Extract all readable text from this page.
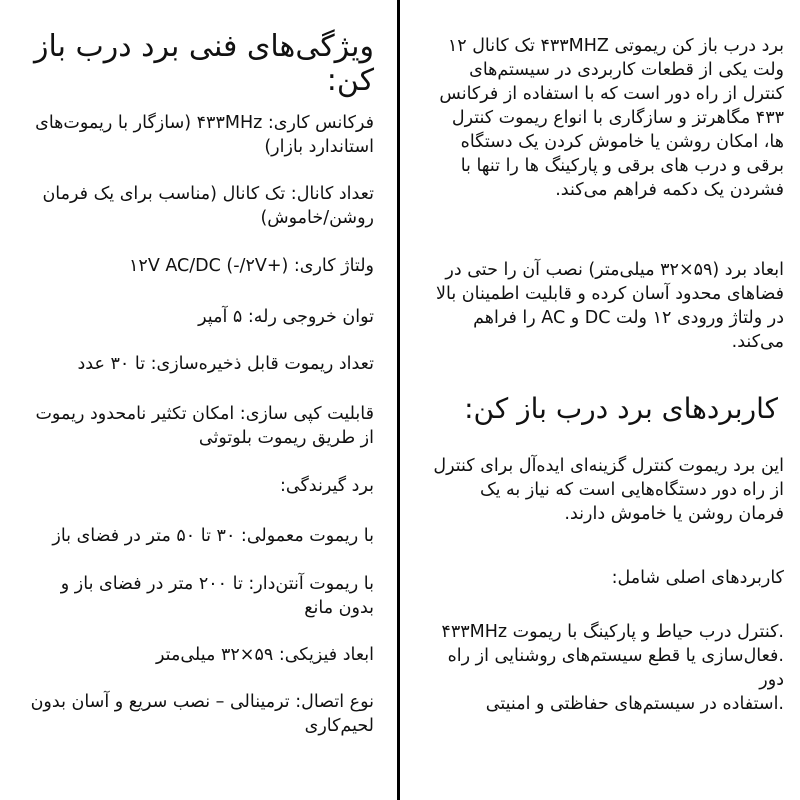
برد درب باز کن ریموتی ۴۳۳MHZ تک کانال ۱۲ ولت یکی از قطعات کاربردی در سیستم‌های کنترل از راه دور است که با استفاده از فرکانس ۴۳۳ مگاهرتز و سازگاری با انواع ریموت کنترل ها، امکان روشن یا خاموش کردن یک دستگاه برقی و درب های برقی و پارکینگ ها را تنها با فشردن یک دکمه فراهم می‌کند.

ابعاد برد (۵۹×۳۲ میلی‌متر) نصب آن را حتی در فضاهای محدود آسان کرده و قابلیت اطمینان بالا در ولتاژ ورودی ۱۲ ولت DC و AC را فراهم می‌کند.

کاربردهای برد درب باز کن:

این برد ریموت کنترل گزینه‌ای ایده‌آل برای کنترل از راه دور دستگاه‌هایی است که نیاز به یک فرمان روشن یا خاموش دارند.

کاربردهای اصلی شامل:

.کنترل درب حیاط و پارکینگ با ریموت ۴۳۳MHz
.فعال‌سازی یا قطع سیستم‌های روشنایی از راه دور
.استفاده در سیستم‌های حفاظتی و امنیتی
ویژگی‌های فنی برد درب باز کن:

فرکانس کاری: ۴۳۳MHz (سازگار با ریموت‌های استاندارد بازار)

تعداد کانال: تک کانال (مناسب برای یک فرمان روشن/خاموش)

ولتاژ کاری: (+۲V/-) ۱۲V AC/DC

توان خروجی رله: ۵ آمپر

تعداد ریموت قابل ذخیره‌سازی: تا ۳۰ عدد

قابلیت کپی سازی: امکان تکثیر نامحدود ریموت از طریق ریموت بلوتوثی

برد گیرندگی:

با ریموت معمولی: ۳۰ تا ۵۰ متر در فضای باز

با ریموت آنتن‌دار: تا ۲۰۰ متر در فضای باز و بدون مانع

ابعاد فیزیکی: ۵۹×۳۲ میلی‌متر

نوع اتصال: ترمینالی – نصب سریع و آسان بدون لحیم‌کاری
